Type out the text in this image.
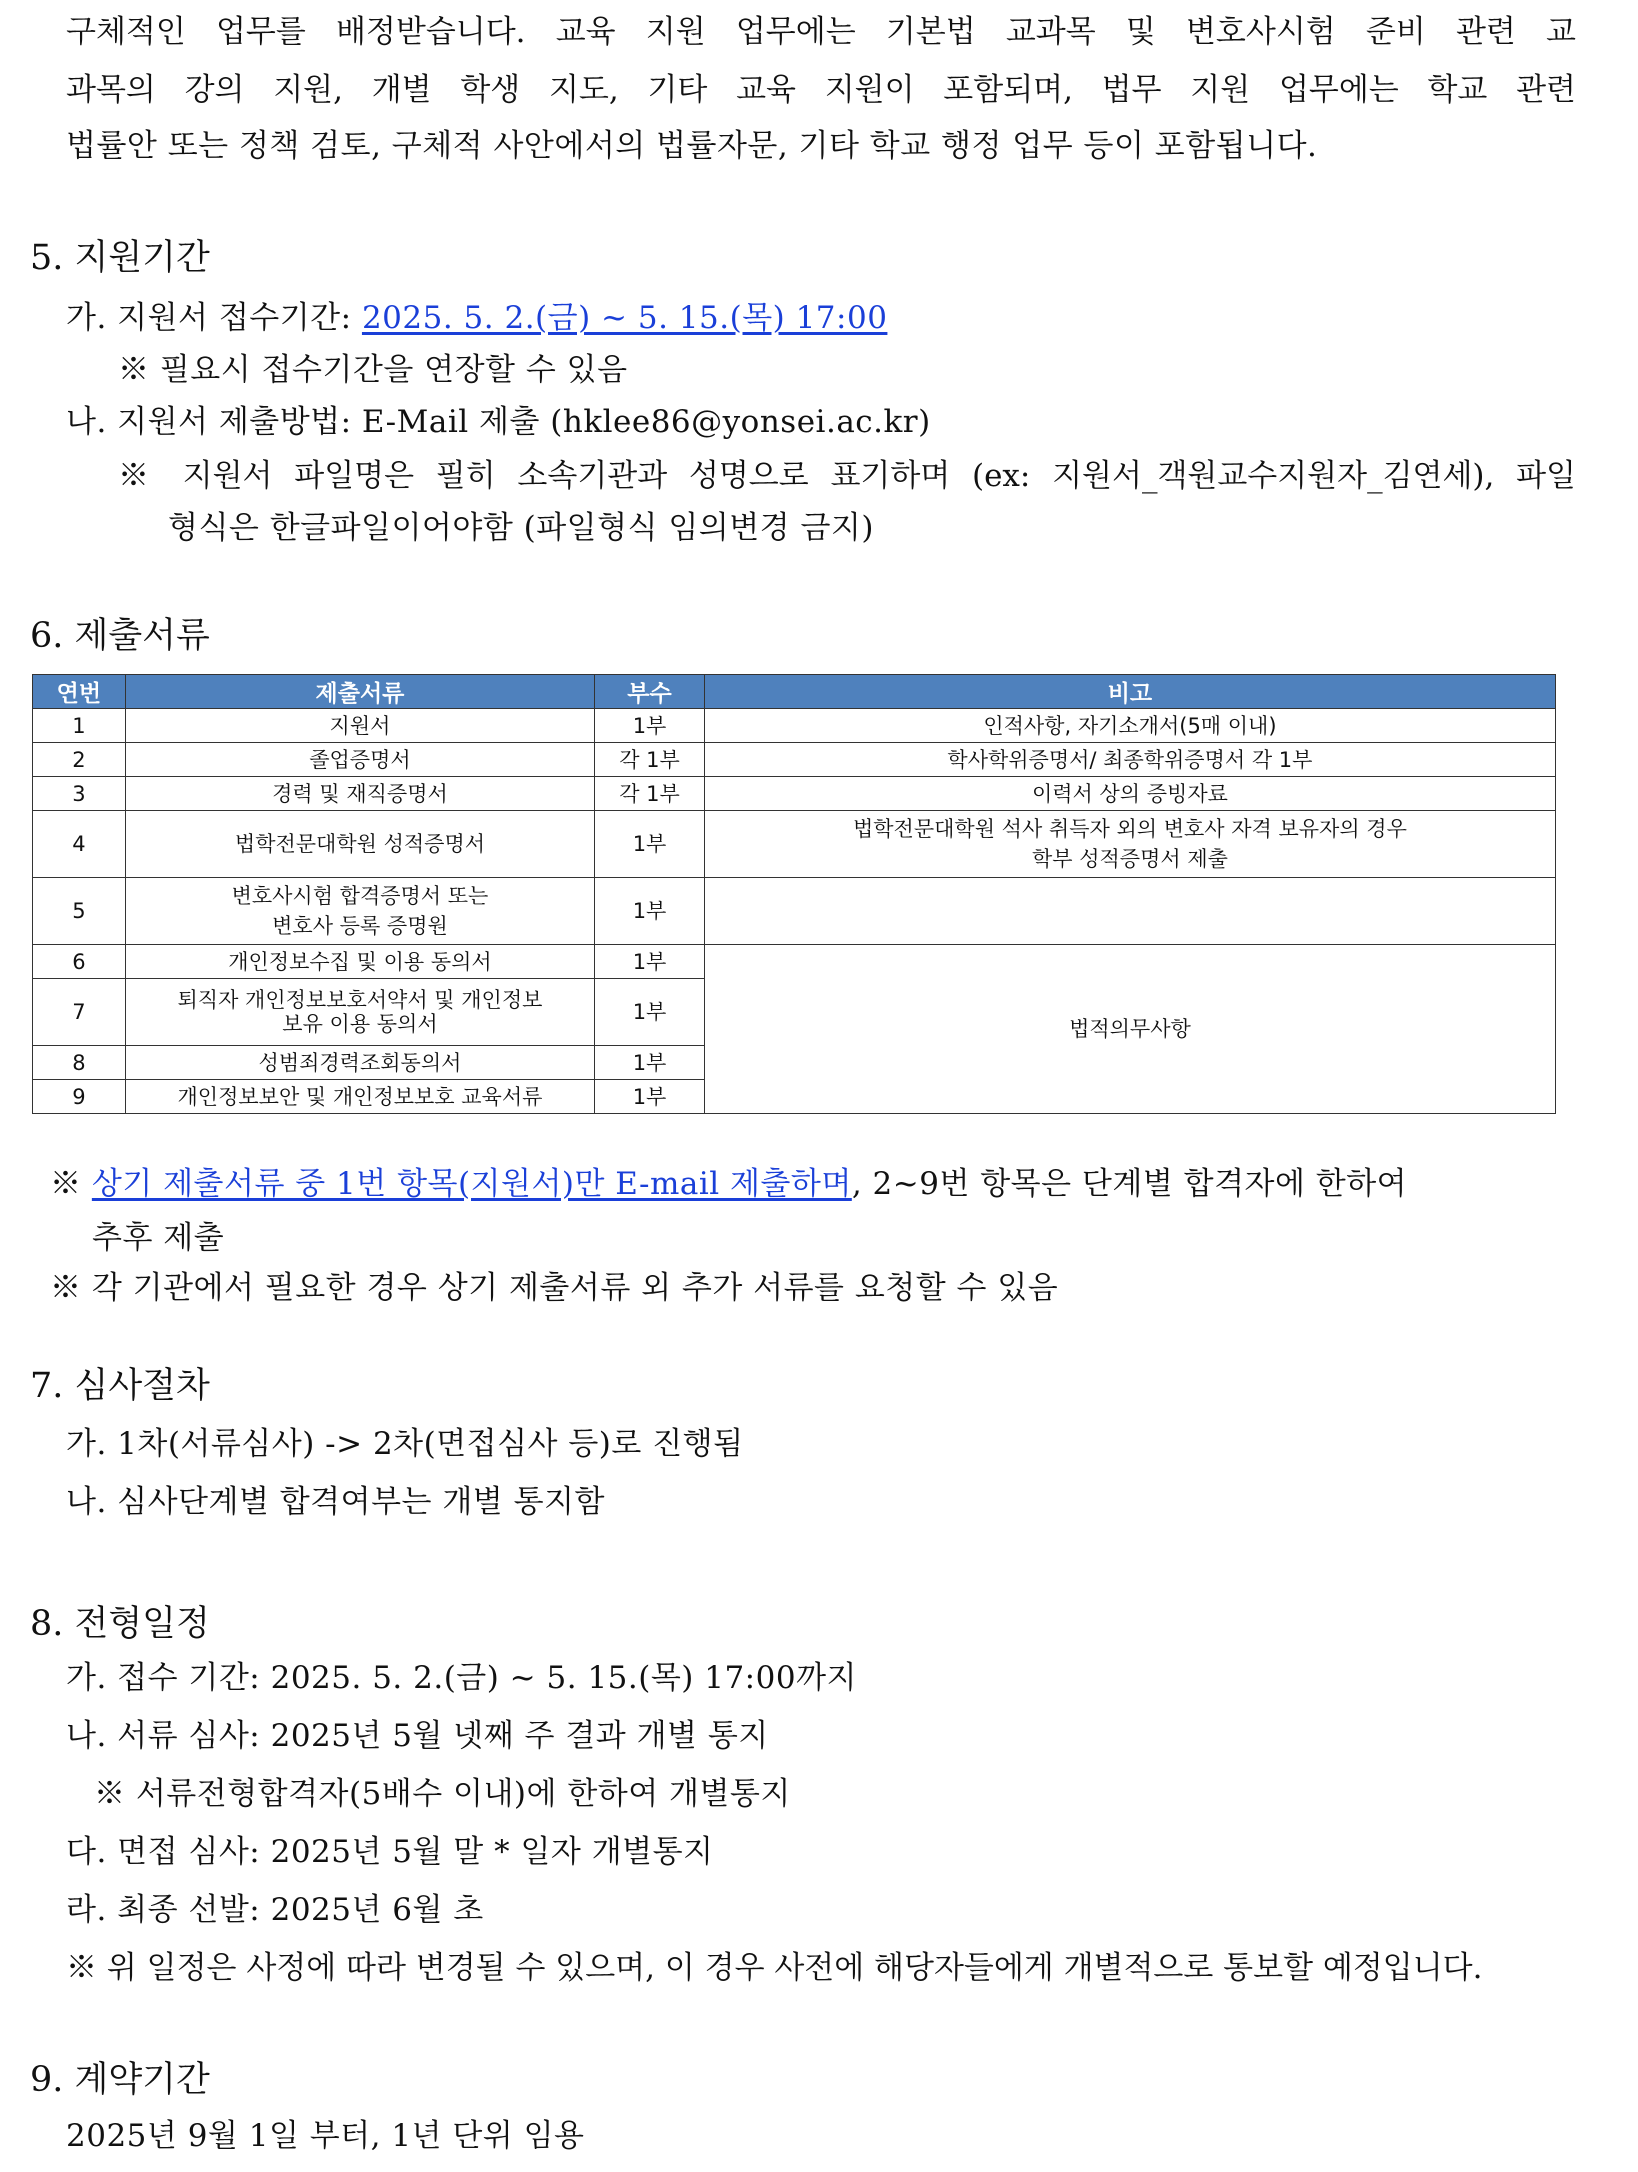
구체적인 업무를 배정받습니다. 교육 지원 업무에는 기본법 교과목 및 변호사시험 준비 관련 교
과목의 강의 지원, 개별 학생 지도, 기타 교육 지원이 포함되며, 법무 지원 업무에는 학교 관련
법률안 또는 정책 검토, 구체적 사안에서의 법률자문, 기타 학교 행정 업무 등이 포함됩니다.
5. 지원기간
가. 지원서 접수기간: 2025. 5. 2.(금) ~ 5. 15.(목) 17:00
※ 필요시 접수기간을 연장할 수 있음
나. 지원서 제출방법: E-Mail 제출 (hklee86@yonsei.ac.kr)
※ 지원서 파일명은 필히 소속기관과 성명으로 표기하며 (ex: 지원서_객원교수지원자_김연세), 파일
형식은 한글파일이어야함 (파일형식 임의변경 금지)
6. 제출서류
연번	제출서류	부수	비고
1	지원서	1부	인적사항, 자기소개서(5매 이내)
2	졸업증명서	각 1부	학사학위증명서/ 최종학위증명서 각 1부
3	경력 및 재직증명서	각 1부	이력서 상의 증빙자료
4	법학전문대학원 성적증명서	1부	법학전문대학원 석사 취득자 외의 변호사 자격 보유자의 경우
학부 성적증명서 제출

5	변호사시험 합격증명서 또는
변호사 등록 증명원	1부	
6	개인정보수집 및 이용 동의서	1부	법적의무사항
7	퇴직자 개인정보보호서약서 및 개인정보
보유 이용 동의서	1부	
8	성범죄경력조회동의서	1부	
9	개인정보보안 및 개인정보보호 교육서류	1부	
※ 상기 제출서류 중 1번 항목(지원서)만 E-mail 제출하며, 2~9번 항목은 단계별 합격자에 한하여
추후 제출
※ 각 기관에서 필요한 경우 상기 제출서류 외 추가 서류를 요청할 수 있음
7. 심사절차
가. 1차(서류심사) -> 2차(면접심사 등)로 진행됨
나. 심사단계별 합격여부는 개별 통지함
8. 전형일정
가. 접수 기간: 2025. 5. 2.(금) ~ 5. 15.(목) 17:00까지
나. 서류 심사: 2025년 5월 넷째 주 결과 개별 통지
※ 서류전형합격자(5배수 이내)에 한하여 개별통지
다. 면접 심사: 2025년 5월 말 * 일자 개별통지
라. 최종 선발: 2025년 6월 초
※ 위 일정은 사정에 따라 변경될 수 있으며, 이 경우 사전에 해당자들에게 개별적으로 통보할 예정입니다.
9. 계약기간
2025년 9월 1일 부터, 1년 단위 임용
